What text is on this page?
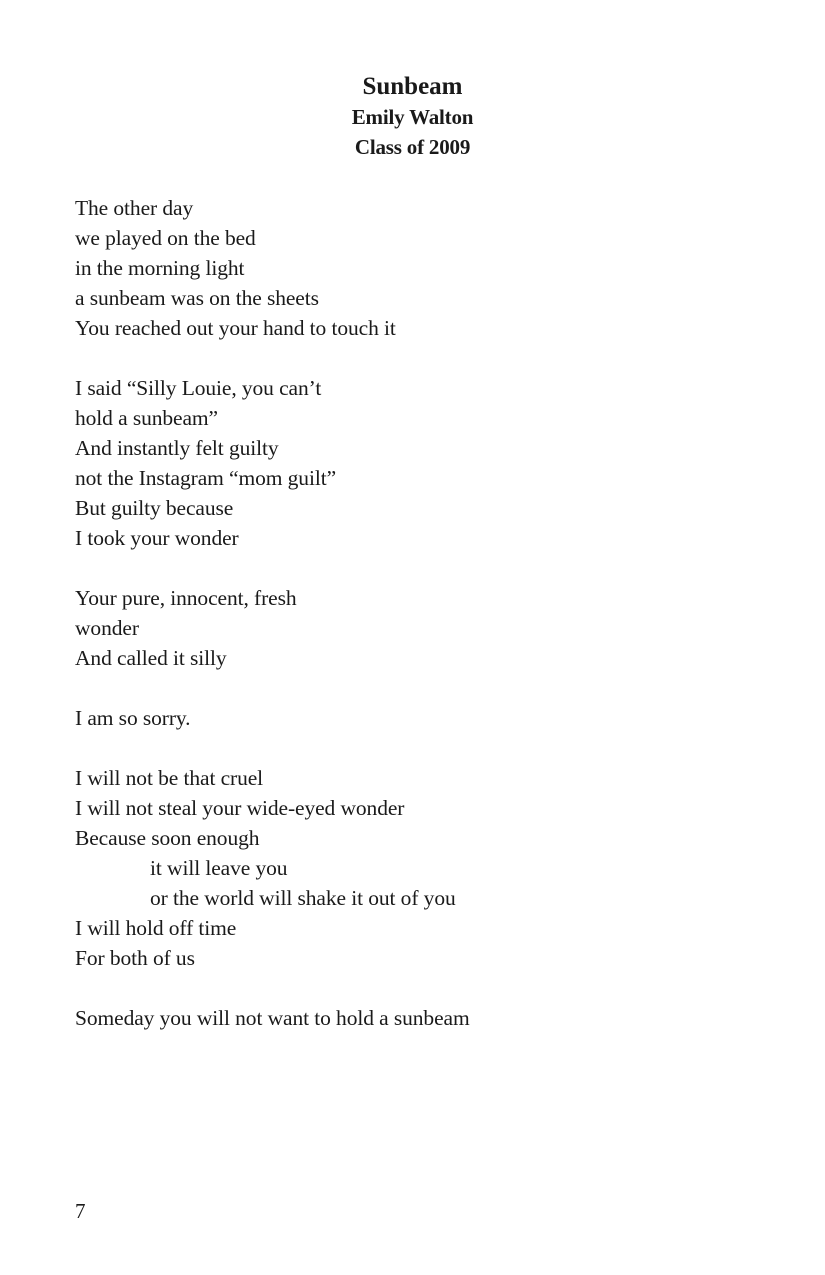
Sunbeam

Emily Walton

Class of 2009

The other day
we played on the bed
in the morning light
a sunbeam was on the sheets
You reached out your hand to touch it
I said “Silly Louie, you can’t
hold a sunbeam”
And instantly felt guilty
not the Instagram “mom guilt”
But guilty because
I took your wonder
Your pure, innocent, fresh
wonder
And called it silly
I am so sorry.
I will not be that cruel
I will not steal your wide-eyed wonder
Because soon enough
it will leave you
or the world will shake it out of you
I will hold off time
For both of us
Someday you will not want to hold a sunbeam
7
